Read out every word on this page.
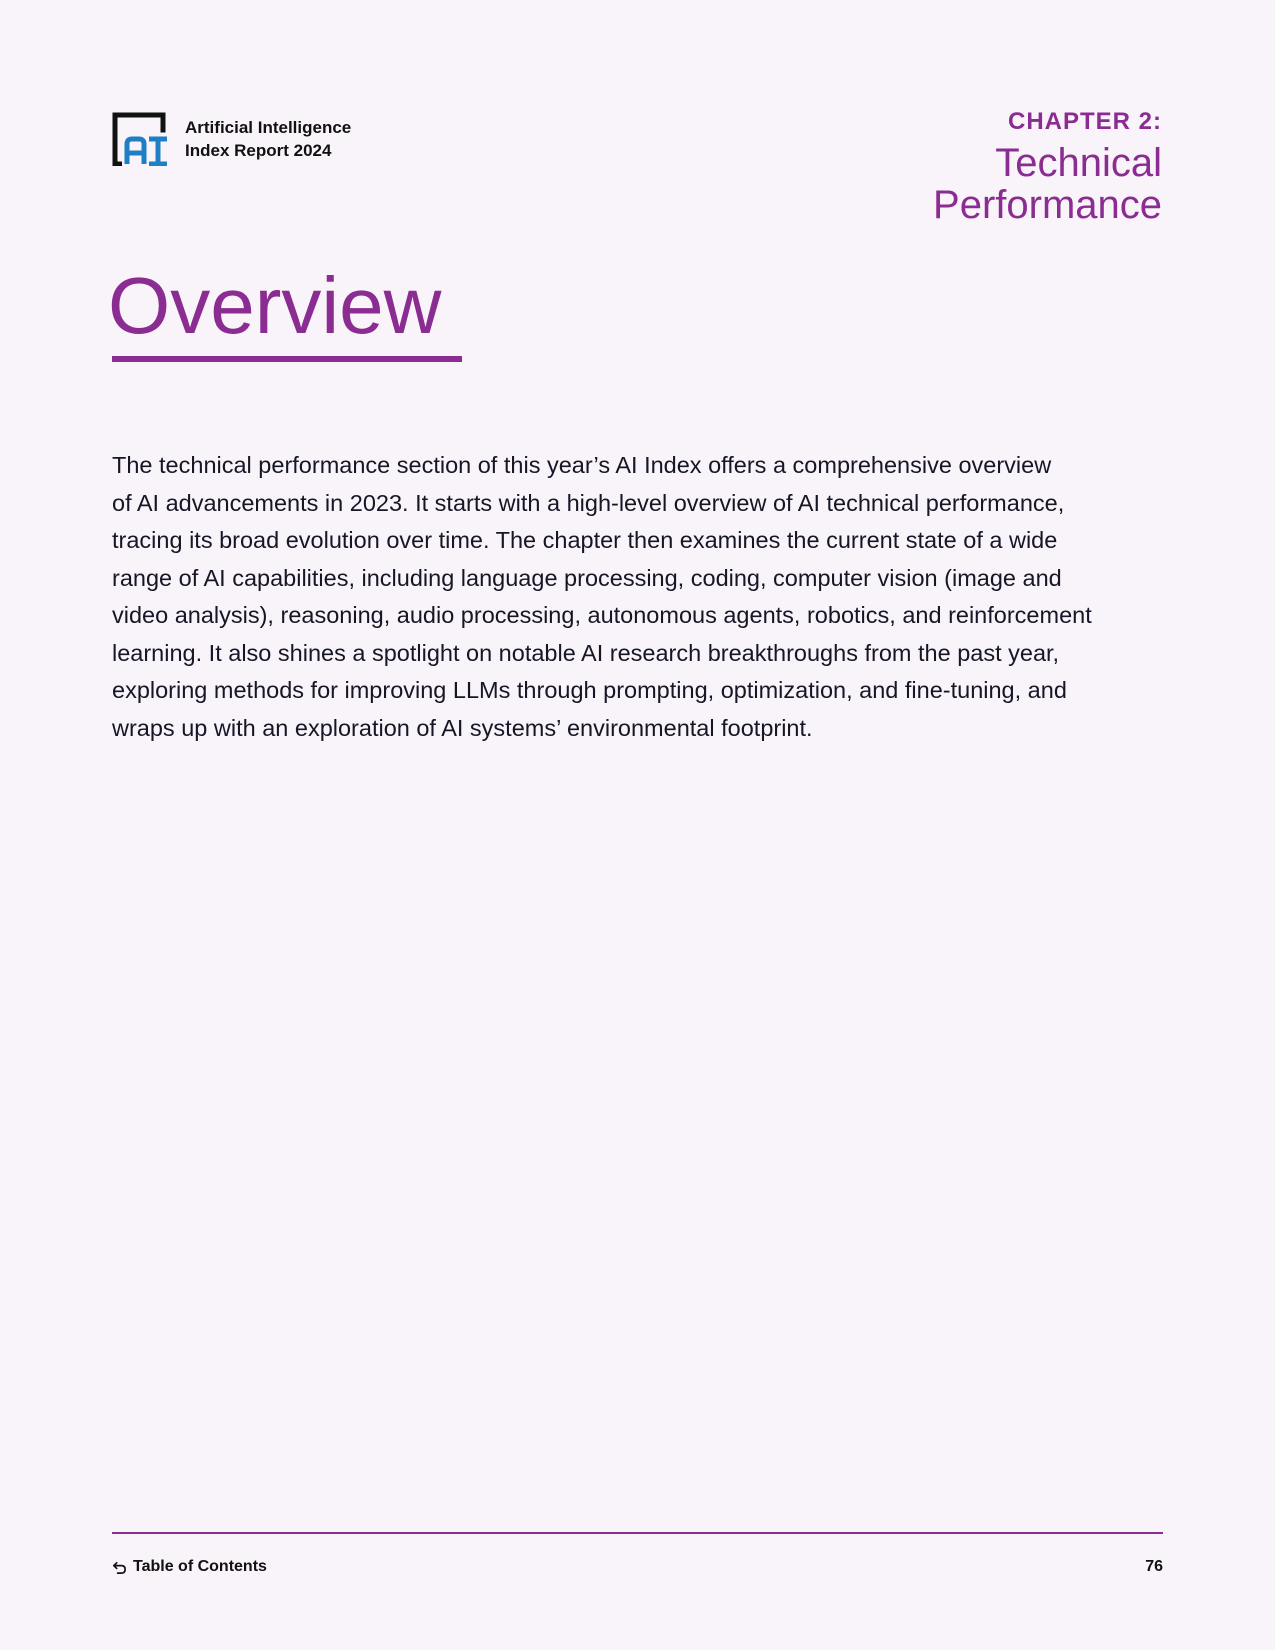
Artificial Intelligence
Index Report 2024
CHAPTER 2:
Technical
Performance
Overview
The technical performance section of this year’s AI Index offers a comprehensive overview
of AI advancements in 2023. It starts with a high-level overview of AI technical performance,
tracing its broad evolution over time. The chapter then examines the current state of a wide
range of AI capabilities, including language processing, coding, computer vision (image and
video analysis), reasoning, audio processing, autonomous agents, robotics, and reinforcement
learning. It also shines a spotlight on notable AI research breakthroughs from the past year,
exploring methods for improving LLMs through prompting, optimization, and fine-tuning, and
wraps up with an exploration of AI systems’ environmental footprint.
Table of Contents	76
